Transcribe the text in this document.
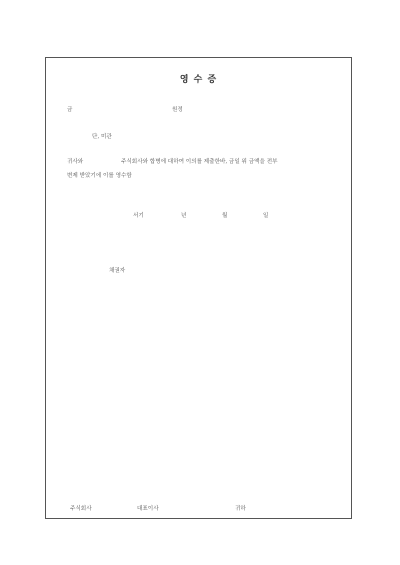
영 수 증
금	원정
단, 미관
귀사와	주식회사와 합병에 대하여 이의를 제출한바, 금일 위 금액을 전부
변제 받았기에 이를 영수함
서기	년	월	일
채권자
주식회사	대표이사	귀하
